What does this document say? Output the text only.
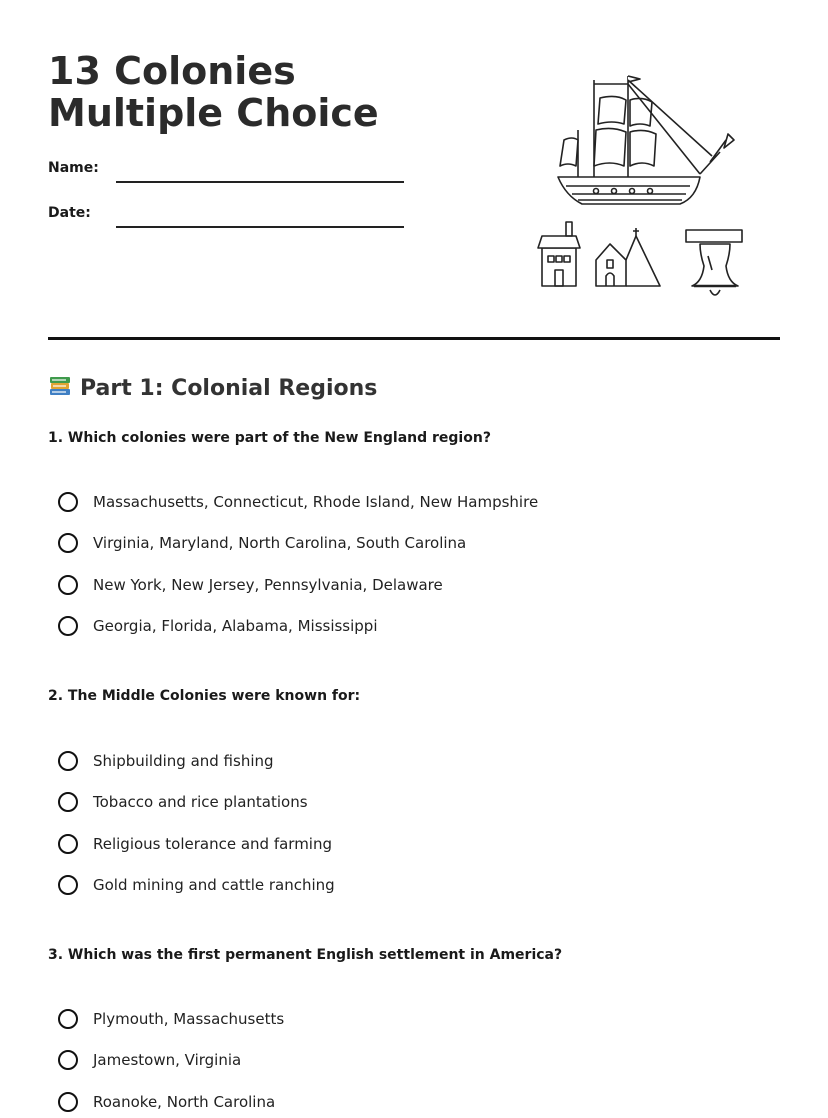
13 Colonies Multiple Choice
Name:
Date:
Part 1: Colonial Regions
1. Which colonies were part of the New England region?
Massachusetts, Connecticut, Rhode Island, New Hampshire
Virginia, Maryland, North Carolina, South Carolina
New York, New Jersey, Pennsylvania, Delaware
Georgia, Florida, Alabama, Mississippi
2. The Middle Colonies were known for:
Shipbuilding and fishing
Tobacco and rice plantations
Religious tolerance and farming
Gold mining and cattle ranching
3. Which was the first permanent English settlement in America?
Plymouth, Massachusetts
Jamestown, Virginia
Roanoke, North Carolina
